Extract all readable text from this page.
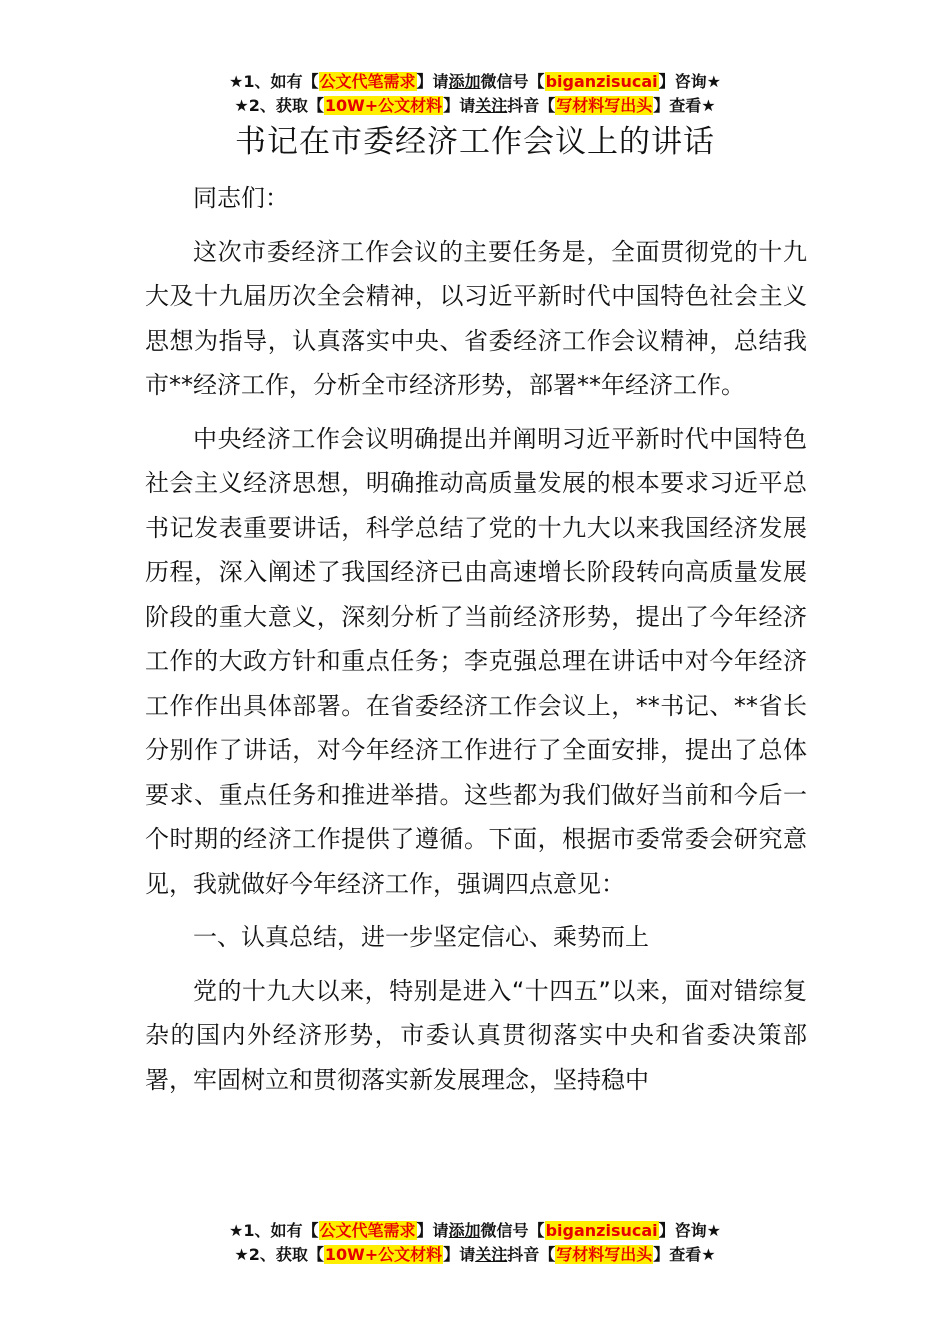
★1、如有【公文代笔需求】请添加微信号【biganzisucai】咨询★
★2、获取【10W+公文材料】请关注抖音【写材料写出头】查看★
书记在市委经济工作会议上的讲话

同志们：

这次市委经济工作会议的主要任务是，全面贯彻党的十九大及十九届历次全会精神，以习近平新时代中国特色社会主义思想为指导，认真落实中央、省委经济工作会议精神，总结我市**经济工作，分析全市经济形势，部署**年经济工作。

中央经济工作会议明确提出并阐明习近平新时代中国特色社会主义经济思想，明确推动高质量发展的根本要求习近平总书记发表重要讲话，科学总结了党的十九大以来我国经济发展历程，深入阐述了我国经济已由高速增长阶段转向高质量发展阶段的重大意义，深刻分析了当前经济形势，提出了今年经济工作的大政方针和重点任务；李克强总理在讲话中对今年经济工作作出具体部署。在省委经济工作会议上，**书记、**省长分别作了讲话，对今年经济工作进行了全面安排，提出了总体要求、重点任务和推进举措。这些都为我们做好当前和今后一个时期的经济工作提供了遵循。下面，根据市委常委会研究意见，我就做好今年经济工作，强调四点意见：

一、认真总结，进一步坚定信心、乘势而上

党的十九大以来，特别是进入“十四五”以来，面对错综复杂的国内外经济形势，市委认真贯彻落实中央和省委决策部署，牢固树立和贯彻落实新发展理念，坚持稳中

★1、如有【公文代笔需求】请添加微信号【biganzisucai】咨询★
★2、获取【10W+公文材料】请关注抖音【写材料写出头】查看★
